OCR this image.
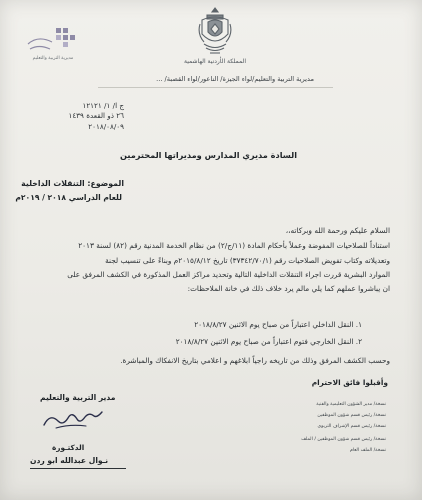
المملكة الأردنية الهاشمية
مديرية التربية والتعليم/لواء الجيزة/ الناعور/لواء القصبة/ ...
مديرية التربية والتعليم
ج ا/ ١/ ١٢١٢١
٢٦ ذو القعدة ١٤٣٩
٢٠١٨/٠٨/٠٩
السادة مديري المدارس ومديراتها المحترمين
الموضوع: التنقلات الداخلية
للعام الدراسي ٢٠١٨ / ٢٠١٩م
السلام عليكم ورحمة الله وبركاته،،
استناداً للصلاحيات المفوضة وعملاً بأحكام المادة (١١/ج/٢) من نظام الخدمة المدنية رقم (٨٢) لسنة ٢٠١٣
وتعديلاته وكتاب تفويض الصلاحيات رقم (٣٧٣٤٢/٧٠/١) تاريخ ٢٠١٥/٨/١٢م وبناءً على تنسيب لجنة
الموارد البشرية قررت اجراء التنقلات الداخلية التالية وتحديد مراكز العمل المذكورة في الكشف المرفق على
ان يباشروا عملهم كما يلي مالم يرد خلاف ذلك في خانة الملاحظات:
١. النقل الداخلي اعتباراً من صباح يوم الاثنين ٢٠١٨/٨/٢٧
٢. النقل الخارجي فتوم اعتباراً من صباح يوم الاثنين ٢٠١٨/٨/٢٧
وحسب الكشف المرفق وذلك من تاريخه راجياً ابلاغهم و اعلامي بتاريخ الانفكاك والمباشرة.
وأقبلوا فائق الاحترام
مدير التربية والتعليم
الدكتـورة
نـوال عبدالله ابو ردن
نسخة/ مدير الشؤون التعليمية والفنية
نسخة/ رئيس قسم شؤون الموظفين
نسخة/ رئيس قسم الإشراف التربوي
نسخة/ رئيس قسم شؤون الموظفين / الملف
نسخة/ الملف العام
